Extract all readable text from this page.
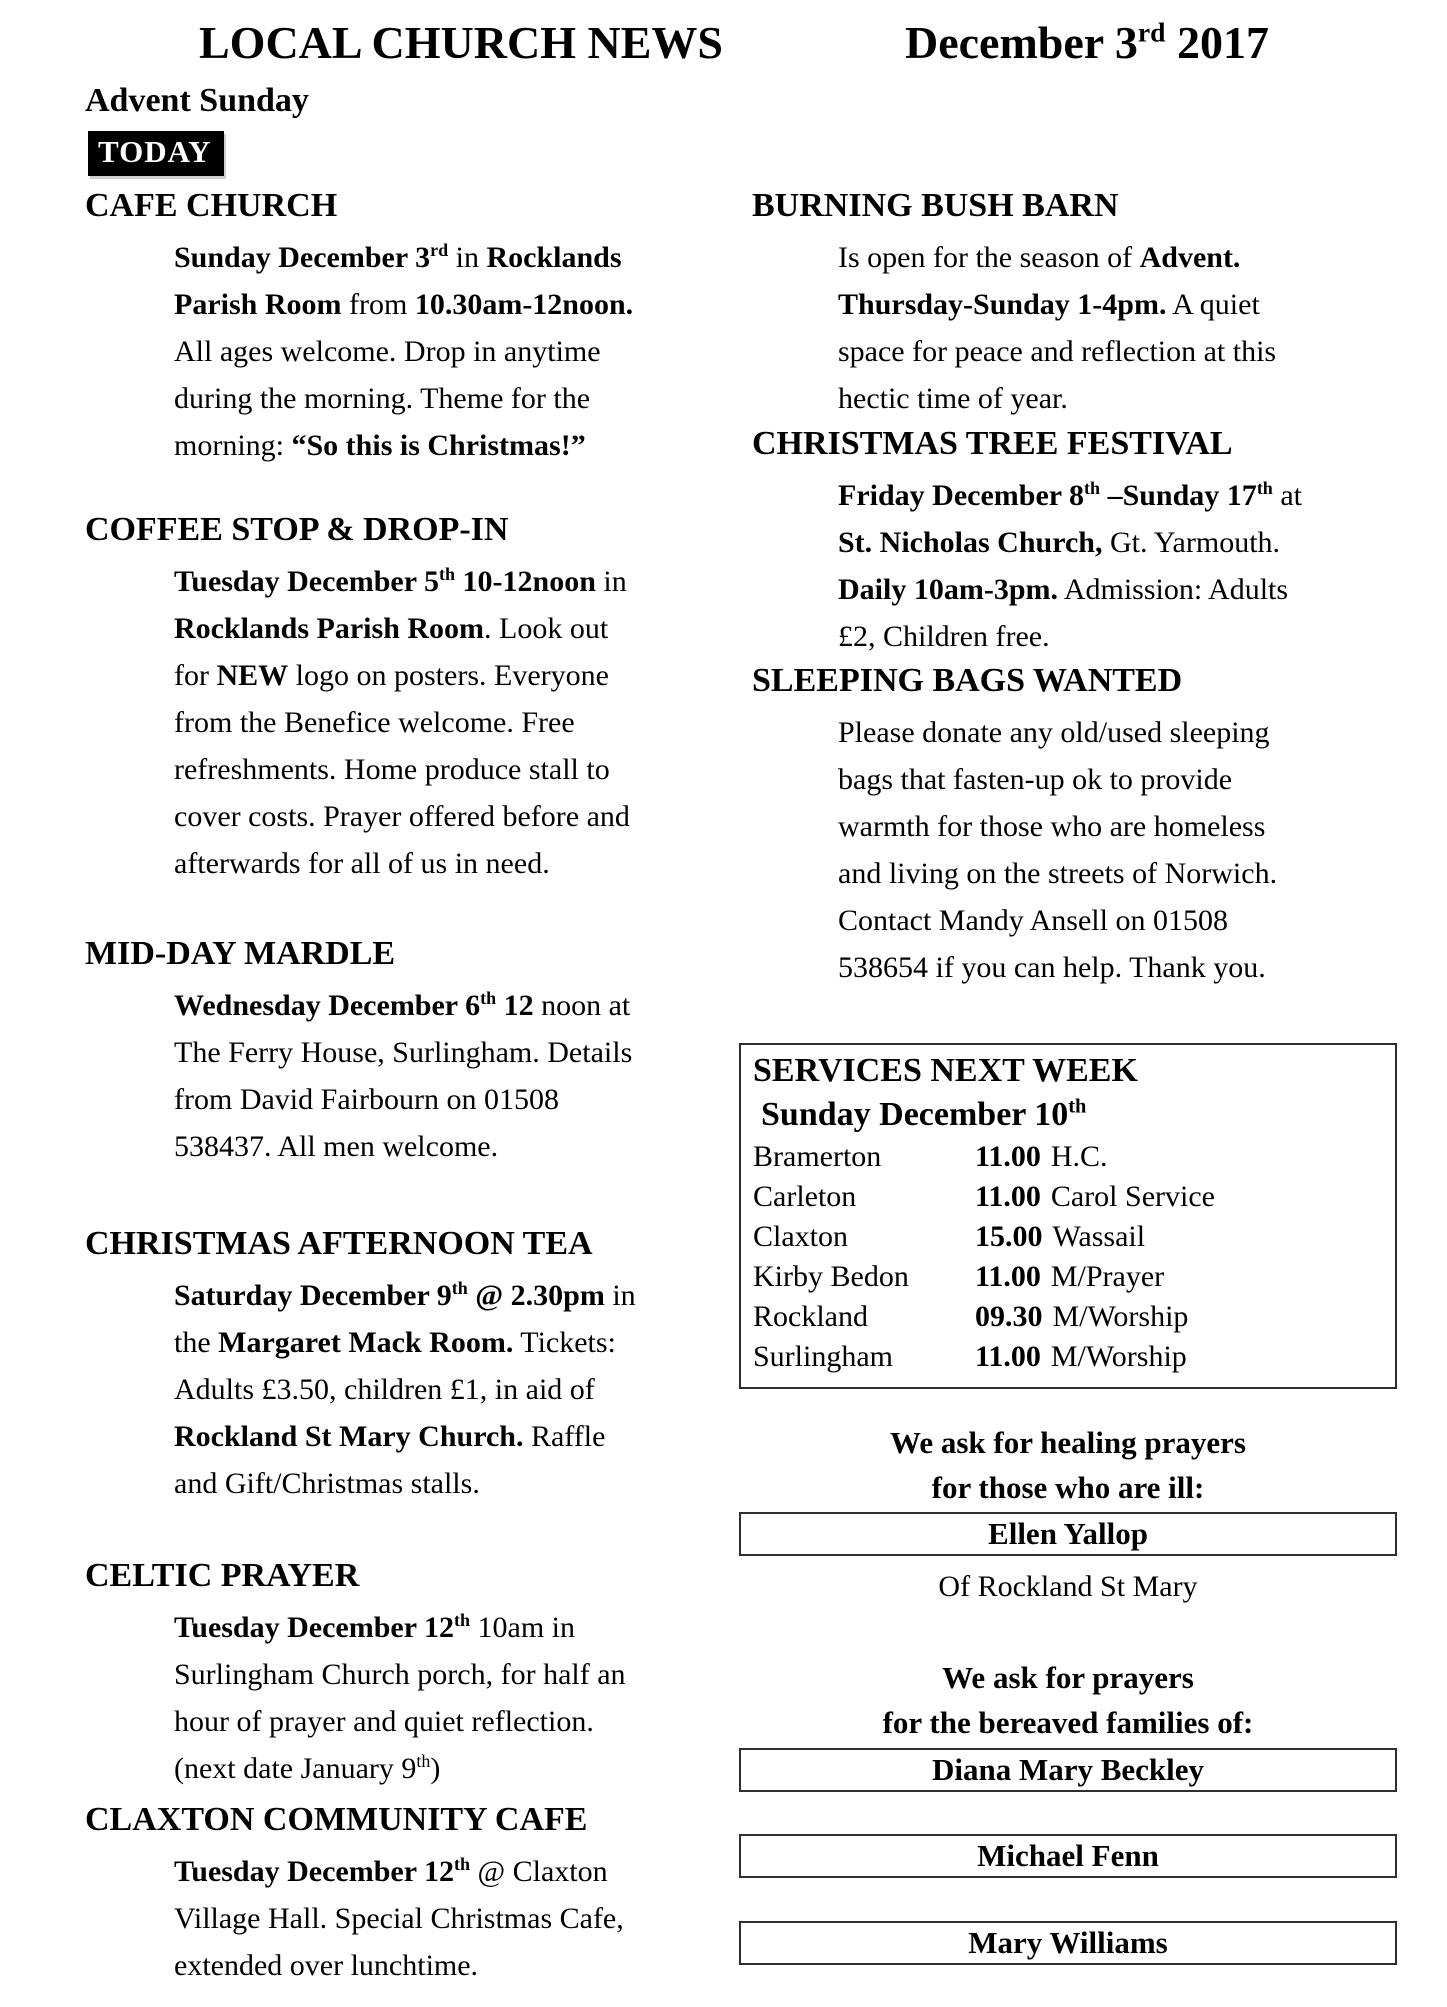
LOCAL CHURCH NEWS	December 3rd 2017
Advent Sunday
TODAY
CAFE CHURCH

Sunday December 3rd in Rocklands

Parish Room from 10.30am-12noon.

All ages welcome. Drop in anytime

during the morning. Theme for the

morning: “So this is Christmas!”

COFFEE STOP & DROP-IN

Tuesday December 5th 10-12noon in

Rocklands Parish Room. Look out

for NEW logo on posters. Everyone

from the Benefice welcome. Free

refreshments. Home produce stall to

cover costs. Prayer offered before and

afterwards for all of us in need.

MID-DAY MARDLE

Wednesday December 6th 12 noon at

The Ferry House, Surlingham. Details

from David Fairbourn on 01508

538437. All men welcome.

CHRISTMAS AFTERNOON TEA

Saturday December 9th @ 2.30pm in

the Margaret Mack Room. Tickets:

Adults £3.50, children £1, in aid of

Rockland St Mary Church. Raffle

and Gift/Christmas stalls.

CELTIC PRAYER

Tuesday December 12th 10am in

Surlingham Church porch, for half an

hour of prayer and quiet reflection.

(next date January 9th)

CLAXTON COMMUNITY CAFE

Tuesday December 12th @ Claxton

Village Hall. Special Christmas Cafe,

extended over lunchtime.

BURNING BUSH BARN

Is open for the season of Advent.

Thursday-Sunday 1-4pm. A quiet

space for peace and reflection at this

hectic time of year.

CHRISTMAS TREE FESTIVAL

Friday December 8th –Sunday 17th at

St. Nicholas Church, Gt. Yarmouth.

Daily 10am-3pm. Admission: Adults

£2, Children free.

SLEEPING BAGS WANTED

Please donate any old/used sleeping

bags that fasten-up ok to provide

warmth for those who are homeless

and living on the streets of Norwich.

Contact Mandy Ansell on 01508

538654 if you can help. Thank you.

SERVICES NEXT WEEK
Sunday December 10th
Bramerton	11.00 H.C.
Carleton	11.00 Carol Service
Claxton	15.00 Wassail
Kirby Bedon	11.00 M/Prayer
Rockland	09.30 M/Worship
Surlingham	11.00 M/Worship

We ask for healing prayers

for those who are ill:

Ellen Yallop

Of Rockland St Mary

We ask for prayers

for the bereaved families of:

Diana Mary Beckley
Michael Fenn
Mary Williams
